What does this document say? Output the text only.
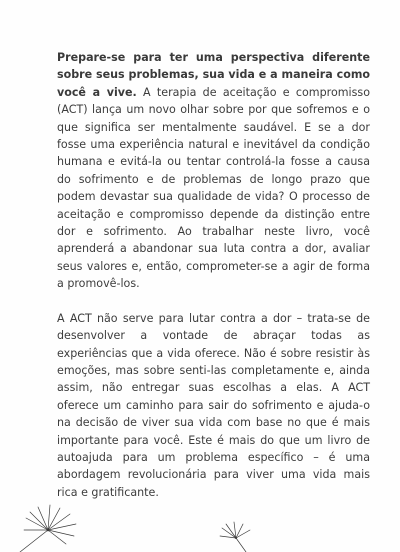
Prepare-se para ter uma perspectiva diferente sobre seus problemas, sua vida e a maneira como você a vive. A terapia de aceitação e compromisso (ACT) lança um novo olhar sobre por que sofremos e o que significa ser mentalmente saudável. E se a dor fosse uma experiência natural e inevitável da condição humana e evitá-la ou tentar controlá-la fosse a causa do sofrimento e de problemas de longo prazo que podem devastar sua qualidade de vida? O processo de aceitação e compromisso depende da distinção entre dor e sofrimento. Ao trabalhar neste livro, você aprenderá a abandonar sua luta contra a dor, avaliar seus valores e, então, comprometer-se a agir de forma a promovê-los.

A ACT não serve para lutar contra a dor – trata-se de desenvolver a vontade de abraçar todas as experiências que a vida oferece. Não é sobre resistir às emoções, mas sobre senti-las completamente e, ainda assim, não entregar suas escolhas a elas. A ACT oferece um caminho para sair do sofrimento e ajuda-o na decisão de viver sua vida com base no que é mais importante para você. Este é mais do que um livro de autoajuda para um problema específico – é uma abordagem revolucionária para viver uma vida mais rica e gratificante.
